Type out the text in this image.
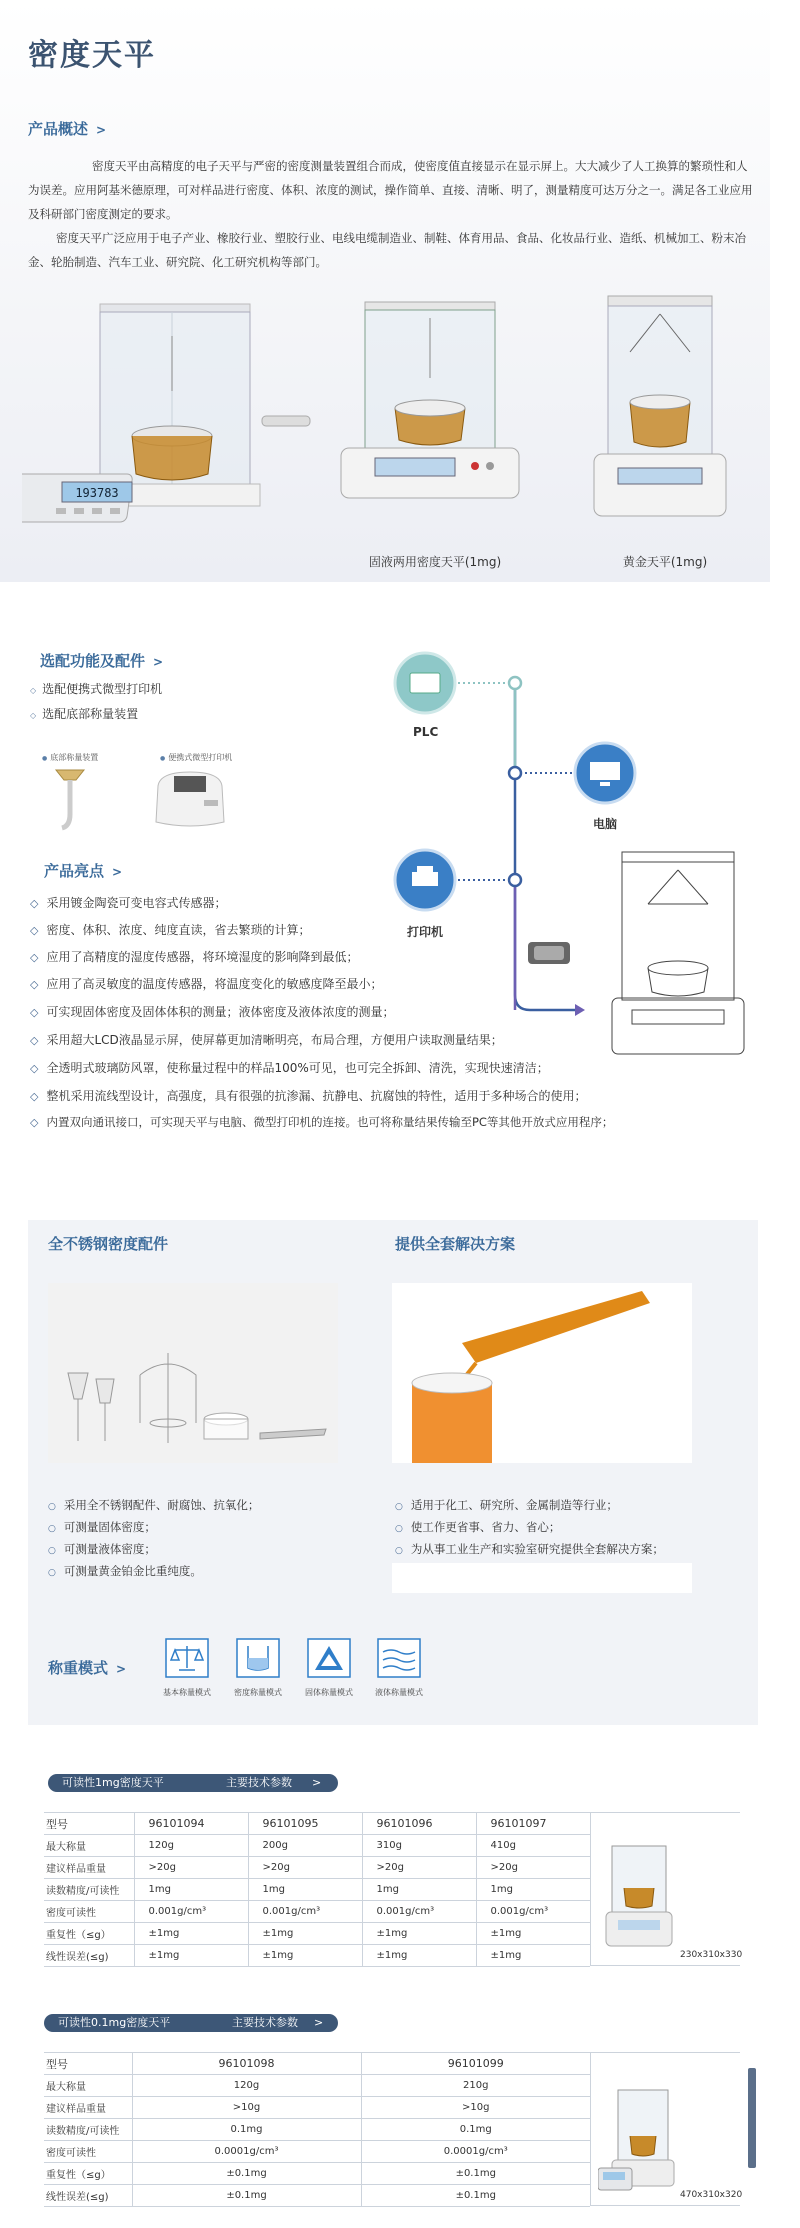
密度天平
产品概述 >
密度天平由高精度的电子天平与严密的密度测量装置组合而成，使密度值直接显示在显示屏上。大大减少了人工换算的繁琐性和人为误差。应用阿基米德原理，可对样品进行密度、体积、浓度的测试，操作简单、直接、清晰、明了，测量精度可达万分之一。满足各工业应用及科研部门密度测定的要求。
密度天平广泛应用于电子产业、橡胶行业、塑胶行业、电线电缆制造业、制鞋、体育用品、食品、化妆品行业、造纸、机械加工、粉末冶金、轮胎制造、汽车工业、研究院、化工研究机构等部门。
193783
固液两用密度天平(1mg)	黄金天平(1mg)
选配功能及配件 >
◇ 选配便携式微型打印机
◇ 选配底部称量装置
● 底部称量装置	● 便携式微型打印机
PLC
电脑
打印机
产品亮点 >
◇ 采用镀金陶瓷可变电容式传感器；
◇ 密度、体积、浓度、纯度直读，省去繁琐的计算；
◇ 应用了高精度的湿度传感器，将环境湿度的影响降到最低；
◇ 应用了高灵敏度的温度传感器，将温度变化的敏感度降至最小；
◇ 可实现固体密度及固体体积的测量；液体密度及液体浓度的测量；
◇ 采用超大LCD液晶显示屏，使屏幕更加清晰明亮，布局合理，方便用户读取测量结果；
◇ 全透明式玻璃防风罩，使称量过程中的样品100%可见，也可完全拆卸、清洗，实现快速清洁；
◇ 整机采用流线型设计，高强度，具有很强的抗渗漏、抗静电、抗腐蚀的特性，适用于多种场合的使用；
◇ 内置双向通讯接口，可实现天平与电脑、微型打印机的连接。也可将称量结果传输至PC等其他开放式应用程序；
全不锈钢密度配件	提供全套解决方案
○ 采用全不锈钢配件、耐腐蚀、抗氧化；
○ 可测量固体密度；
○ 可测量液体密度；
○ 可测量黄金铂金比重纯度。
○ 适用于化工、研究所、金属制造等行业；
○ 使工作更省事、省力、省心；
○ 为从事工业生产和实验室研究提供全套解决方案；
称重模式 >
基本称量模式	密度称量模式	固体称量模式	液体称量模式
可读性1mg密度天平	主要技术参数 >
型号	96101094	96101095	96101096	96101097
最大称量	120g	200g	310g	410g
建议样品重量	>20g	>20g	>20g	>20g
读数精度/可读性	1mg	1mg	1mg	1mg
密度可读性	0.001g/cm³	0.001g/cm³	0.001g/cm³	0.001g/cm³
重复性（≤g）	±1mg	±1mg	±1mg	±1mg
线性误差(≤g)	±1mg	±1mg	±1mg	±1mg	230x310x330
可读性0.1mg密度天平	主要技术参数 >
型号	96101098	96101099
最大称量	120g	210g
建议样品重量	>10g	>10g
读数精度/可读性	0.1mg	0.1mg
密度可读性	0.0001g/cm³	0.0001g/cm³
重复性（≤g）	±0.1mg	±0.1mg
线性误差(≤g)	±0.1mg	±0.1mg	470x310x320
